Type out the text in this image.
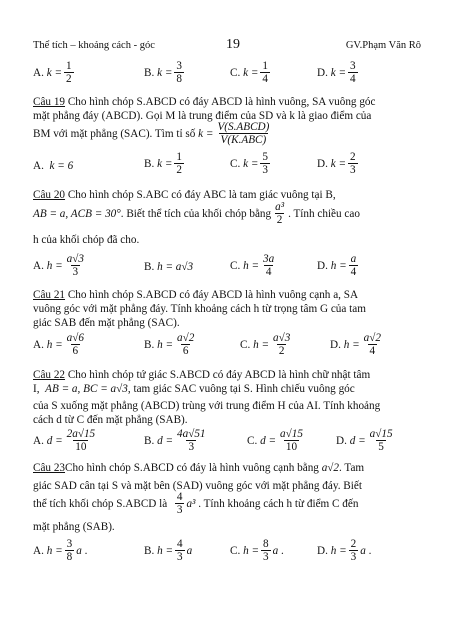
Thể tích – khoảng cách - góc	19	GV.Phạm Văn Rô
A.
$k = \frac{1}{2}$	B.
$k = \frac{3}{8}$	C.
$k = \frac{1}{4}$	D.
$k = \frac{3}{4}$
Câu 19 Cho hình chóp S.ABCD có đáy ABCD là hình vuông, SA vuông góc
mặt phẳng đáy (ABCD). Gọi M là trung điểm của SD và k là giao điểm của
BM với mặt phẳng (SAC). Tìm tỉ số
$k = \frac{\text{V(S.ABCD)}}{\text{V(K.ABC)}}$
A.
k = 6	B.
$k = \frac{1}{2}$	C.
$k = \frac{5}{3}$	D.
$k = \frac{2}{3}$
Câu 20 Cho hình chóp S.ABC có đáy ABC là tam giác vuông tại B,
AB = a, ACB = 30° . Biết thể tích của khối chóp bằng $\frac{\text{a³}}{2}$ . Tính chiều cao
h của khối chóp đã cho.
A.
$h = \frac{a√3}{3}$	B.
h = a√3	C.
$h = \frac{3a}{4}$	D.
$h = \frac{a}{4}$
Câu 21 Cho hình chóp S.ABCD có đáy ABCD là hình vuông cạnh a, SA
vuông góc với mặt phẳng đáy. Tính khoảng cách h từ trọng tâm G của tam
giác SAB đến mặt phẳng (SAC).
A.
$h = \frac{a√6}{6}$	B.
$h = \frac{a√2}{6}$	C.
$h = \frac{a√3}{2}$	D.
$h = \frac{a√2}{4}$
Câu 22 Cho hình chóp tứ giác S.ABCD có đáy ABCD là hình chữ nhật tâm
I,
AB = a, BC = a√3 , tam giác SAC vuông tại S. Hình chiếu vuông góc
của S xuống mặt phẳng (ABCD) trùng với trung điểm H của AI. Tính khoảng
cách d từ C đến mặt phẳng (SAB).
A.
$d = \frac{2a√15}{10}$	B.
$d = \frac{4a√51}{3}$	C.
$d = \frac{a√15}{10}$	D.
$d = \frac{a√15}{5}$
Câu 23 Cho hình chóp S.ABCD có đáy là hình vuông cạnh bằng
a√2 . Tam
giác SAD cân tại S và mặt bên (SAD) vuông góc với mặt phẳng đáy. Biết
thể tích khối chóp S.ABCD là
$\frac{4}{3} a^3$
. Tính khoảng cách h từ điểm C đến
mặt phẳng (SAB).
A.
$h = \frac{3}{8}$ a .	B.
$h = \frac{4}{3}$ a	C.
$h = \frac{8}{3}$ a .	D.
$h = \frac{2}{3}$ a .
